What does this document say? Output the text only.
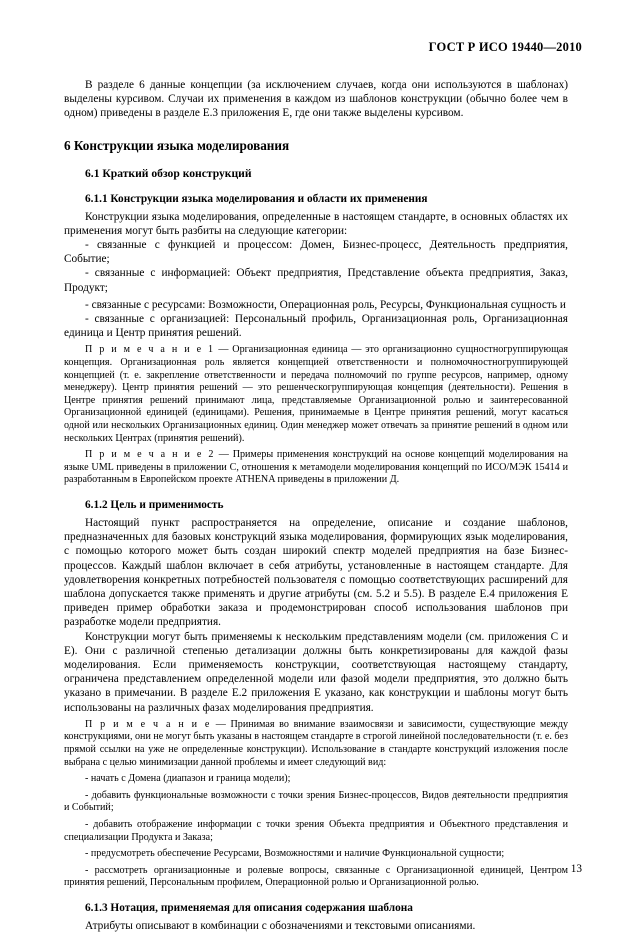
ГОСТ Р ИСО 19440—2010

В разделе 6 данные концепции (за исключением случаев, когда они используются в шаблонах) выделены курсивом. Случаи их применения в каждом из шаблонов конструкции (обычно более чем в одном) приведены в разделе Е.3 приложения Е, где они также выделены курсивом.

6 Конструкции языка моделирования

6.1 Краткий обзор конструкций

6.1.1 Конструкции языка моделирования и области их применения

Конструкции языка моделирования, определенные в настоящем стандарте, в основных областях их применения могут быть разбиты на следующие категории:

- связанные с функцией и процессом: Домен, Бизнес-процесс, Деятельность предприятия, Событие;

- связанные с информацией: Объект предприятия, Представление объекта предприятия, Заказ, Продукт;

- связанные с ресурсами: Возможности, Операционная роль, Ресурсы, Функциональная сущность и

- связанные с организацией: Персональный профиль, Организационная роль, Организационная единица и Центр принятия решений.

П р и м е ч а н и е 1 — Организационная единица — это организационно сущностногруппирующая концепция. Организационная роль является концепцией ответственности и полномочностногруппирующей концепцией (т. е. закрепление ответственности и передача полномочий по группе ресурсов, например, одному менеджеру). Центр принятия решений — это решенческогруппирующая концепция (деятельности). Решения в Центре принятия решений принимают лица, представляемые Организационной ролью и заинтересованной Организационной единицей (единицами). Решения, принимаемые в Центре принятия решений, могут касаться одной или нескольких Организационных единиц. Один менеджер может отвечать за принятие решений в одном или нескольких Центрах (принятия решений).

П р и м е ч а н и е 2 — Примеры применения конструкций на основе концепций моделирования на языке UML приведены в приложении С, отношения к метамодели моделирования концепций по ИСО/МЭК 15414 и разработанным в Европейском проекте ATHENA приведены в приложении Д.

6.1.2 Цель и применимость

Настоящий пункт распространяется на определение, описание и создание шаблонов, предназначенных для базовых конструкций языка моделирования, формирующих язык моделирования, с помощью которого может быть создан широкий спектр моделей предприятия на базе Бизнес-процессов. Каждый шаблон включает в себя атрибуты, установленные в настоящем стандарте. Для удовлетворения конкретных потребностей пользователя с помощью соответствующих расширений для шаблона допускается также применять и другие атрибуты (см. 5.2 и 5.5). В разделе Е.4 приложения Е приведен пример обработки заказа и продемонстрирован способ использования шаблонов при разработке модели предприятия.

Конструкции могут быть применяемы к нескольким представлениям модели (см. приложения С и Е). Они с различной степенью детализации должны быть конкретизированы для каждой фазы моделирования. Если применяемость конструкции, соответствующая настоящему стандарту, ограничена представлением определенной модели или фазой модели предприятия, это должно быть указано в примечании. В разделе Е.2 приложения Е указано, как конструкции и шаблоны могут быть использованы на различных фазах моделирования предприятия.

П р и м е ч а н и е — Принимая во внимание взаимосвязи и зависимости, существующие между конструкциями, они не могут быть указаны в настоящем стандарте в строгой линейной последовательности (т. е. без прямой ссылки на уже не определенные конструкции). Использование в стандарте конструкций изложения после выбрана с целью минимизации данной проблемы и имеет следующий вид:

- начать с Домена (диапазон и граница модели);

- добавить функциональные возможности с точки зрения Бизнес-процессов, Видов деятельности предприятия и Событий;

- добавить отображение информации с точки зрения Объекта предприятия и Объектного представления и специализации Продукта и Заказа;

- предусмотреть обеспечение Ресурсами, Возможностями и наличие Функциональной сущности;

- рассмотреть организационные и ролевые вопросы, связанные с Организационной единицей, Центром принятия решений, Персональным профилем, Операционной ролью и Организационной ролью.

6.1.3 Нотация, применяемая для описания содержания шаблона

Атрибуты описывают в комбинации с обозначениями и текстовыми описаниями.

13
